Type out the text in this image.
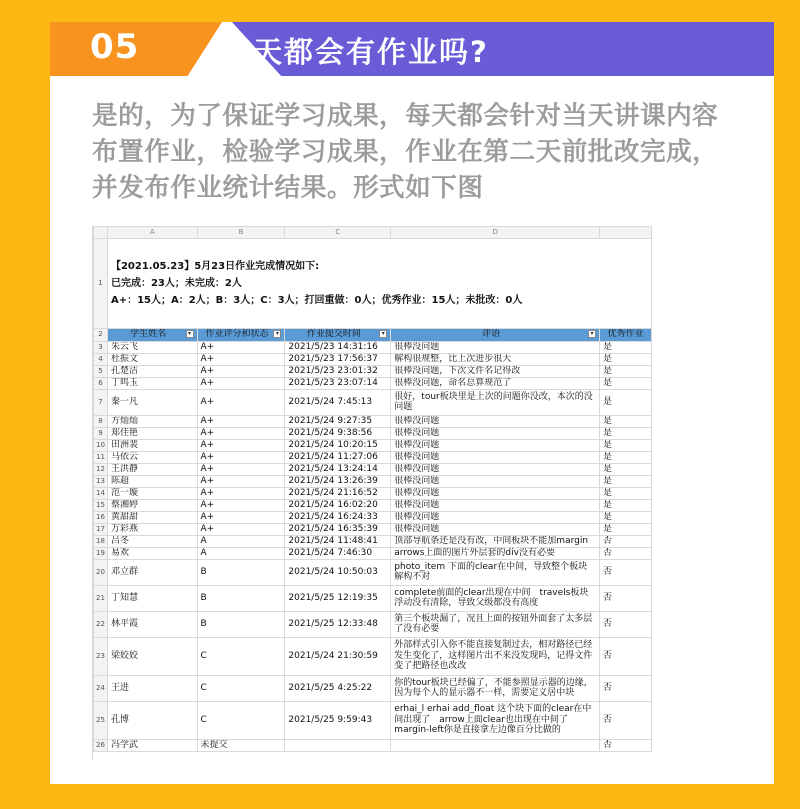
05	每天都会有作业吗?
是的，为了保证学习成果，每天都会针对当天讲课内容布置作业，检验学习成果，作业在第二天前批改完成，并发布作业统计结果。形式如下图
	A	B	C	D	
1	【2021.05.23】5月23日作业完成情况如下:
已完成：23人；未完成：2人
A+：15人；A：2人；B：3人；C：3人；打回重做：0人；优秀作业：15人；未批改：0人				

2	学生姓名 ▾	作业评分和状态 ▾	作业提交时间 ▾	评语 ▾	优秀作业
3	朱云飞	A+	2021/5/23 14:31:16	很棒没问题	是
4	杜振文	A+	2021/5/23 17:56:37	解构很规整，比上次进步很大	是
5	孔楚洁	A+	2021/5/23 23:01:32	很棒没问题，下次文件名记得改	是
6	丁鸣玉	A+	2021/5/23 23:07:14	很棒没问题，命名总算规范了	是
7	秦一凡	A+	2021/5/24 7:45:13	很好，tour板块里是上次的问题你没改，本次的没问题	是
8	方灿灿	A+	2021/5/24 9:27:35	很棒没问题	是
9	郑佳艳	A+	2021/5/24 9:38:56	很棒没问题	是
10	田洲裴	A+	2021/5/24 10:20:15	很棒没问题	是
11	马依云	A+	2021/5/24 11:27:06	很棒没问题	是
12	王洪静	A+	2021/5/24 13:24:14	很棒没问题	是
13	陈超	A+	2021/5/24 13:26:39	很棒没问题	是
14	范一璇	A+	2021/5/24 21:16:52	很棒没问题	是
15	蔡湘婷	A+	2021/5/24 16:02:20	很棒没问题	是
16	黄甜甜	A+	2021/5/24 16:24:33	很棒没问题	是
17	万彩燕	A+	2021/5/24 16:35:39	很棒没问题	是
18	吕冬	A	2021/5/24 11:48:41	顶部导航条还是没有改，中间板块不能加margin	否
19	易欢	A	2021/5/24 7:46:30	arrows上面的图片外层套的div没有必要	否
20	邓立群	B	2021/5/24 10:50:03	photo_item 下面的clear在中间，导致整个板块解构不对	否
21	丁知慧	B	2021/5/25 12:19:35	complete前面的clear出现在中间　travels板块浮动没有清除，导致父级都没有高度	否
22	林平霞	B	2021/5/25 12:33:48	第三个板块漏了，况且上面的按钮外面套了太多层了没有必要	否
23	梁姣姣	C	2021/5/24 21:30:59	外部样式引入你不能直接复制过去，相对路径已经发生变化了，这样图片出不来没发现吗，记得文件变了把路径也改改	否
24	王进	C	2021/5/25 4:25:22	你的tour板块已经偏了，不能参照显示器的边缘，因为每个人的显示器不一样，需要定义居中块	否
25	孔博	C	2021/5/25 9:59:43	erhai_l erhai add_float 这个块下面的clear在中间出现了　arrow上面clear也出现在中间了　margin-left你是直接拿左边像百分比做的	否
26	冯学武	未提交			否
